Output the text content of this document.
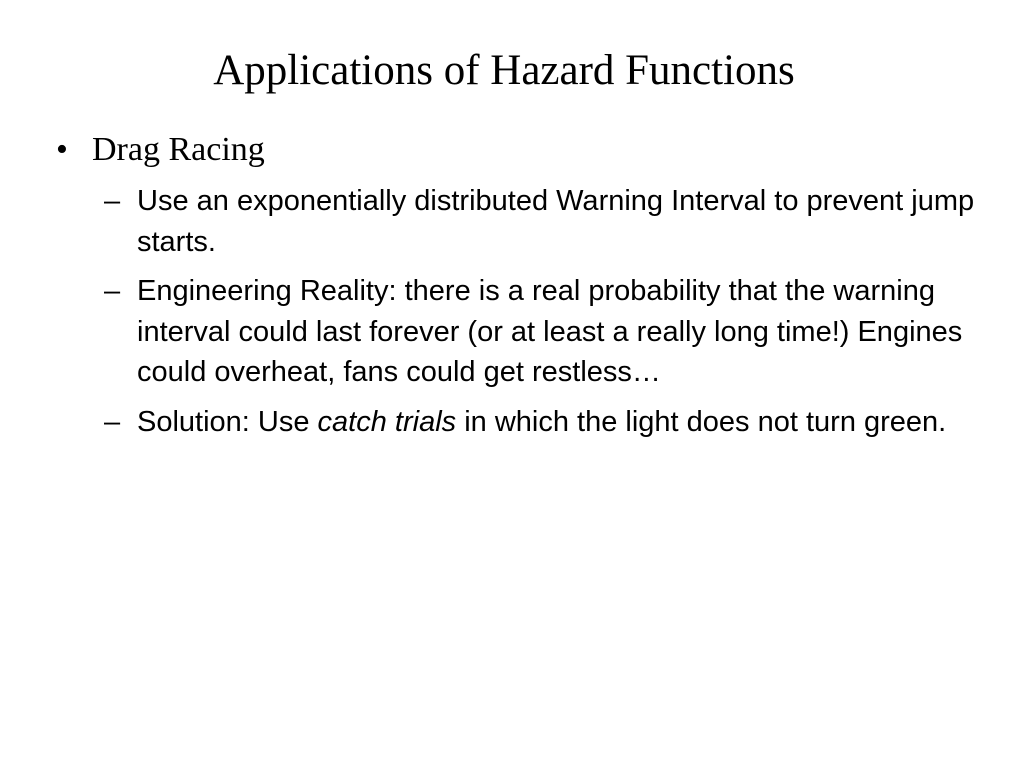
Applications of Hazard Functions
• Drag Racing
– Use an exponentially distributed Warning Interval to prevent jump starts.
– Engineering Reality: there is a real probability that the warning interval could last forever (or at least a really long time!) Engines could overheat, fans could get restless…
– Solution: Use catch trials in which the light does not turn green.
